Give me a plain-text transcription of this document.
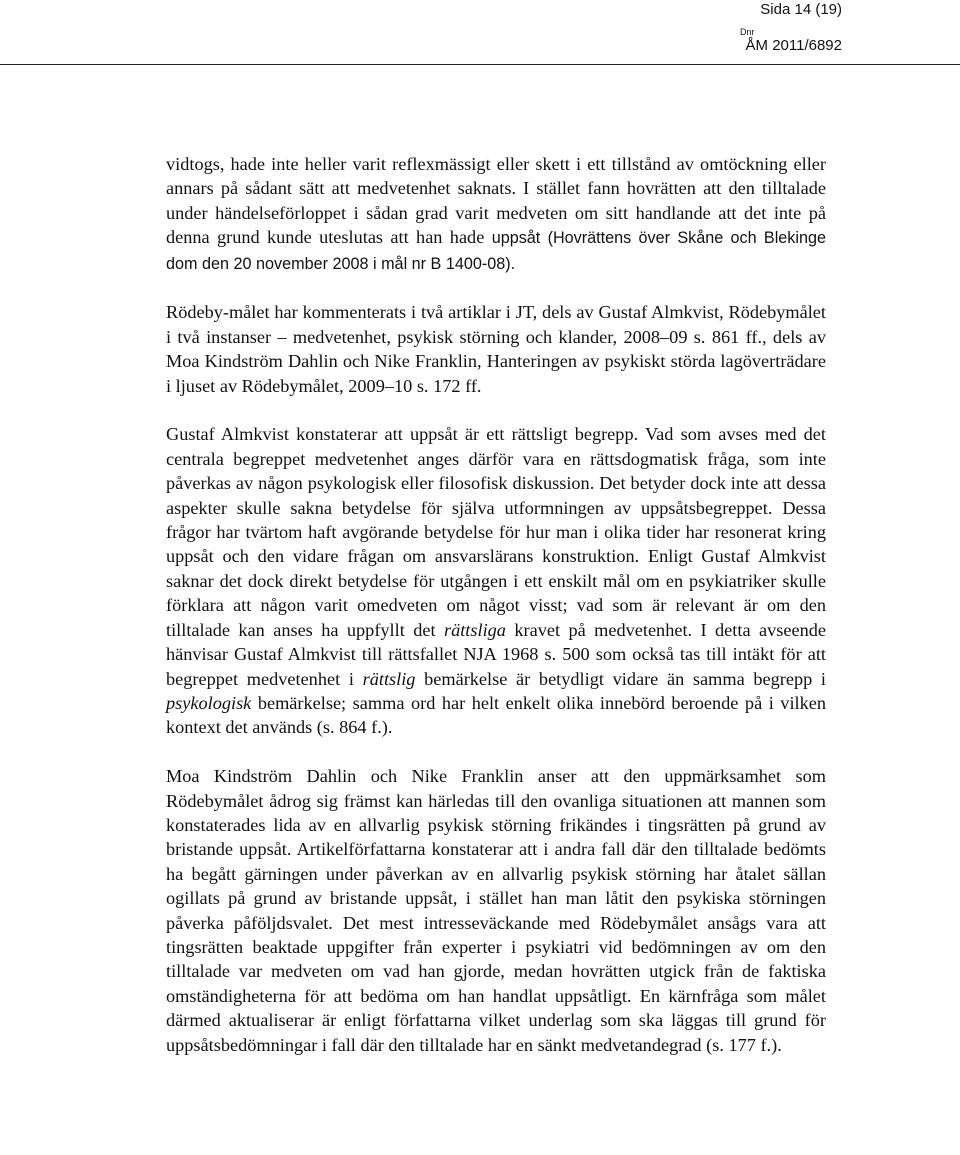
Sida 14 (19)
Dnr
ÅM 2011/6892

vidtogs, hade inte heller varit reflexmässigt eller skett i ett tillstånd av omtöckning eller annars på sådant sätt att medvetenhet saknats. I stället fann hovrätten att den tilltalade under händelseförloppet i sådan grad varit medveten om sitt handlande att det inte på denna grund kunde uteslutas att han hade uppsåt (Hovrättens över Skåne och Blekinge dom den 20 november 2008 i mål nr B 1400-08).

Rödeby-målet har kommenterats i två artiklar i JT, dels av Gustaf Almkvist, Rödebymålet i två instanser – medvetenhet, psykisk störning och klander, 2008–09 s. 861 ff., dels av Moa Kindström Dahlin och Nike Franklin, Hanteringen av psykiskt störda lagöverträdare i ljuset av Rödebymålet, 2009–10 s. 172 ff.

Gustaf Almkvist konstaterar att uppsåt är ett rättsligt begrepp. Vad som avses med det centrala begreppet medvetenhet anges därför vara en rättsdogmatisk fråga, som inte påverkas av någon psykologisk eller filosofisk diskussion. Det betyder dock inte att dessa aspekter skulle sakna betydelse för själva utformningen av uppsåtsbegreppet. Dessa frågor har tvärtom haft avgörande betydelse för hur man i olika tider har resonerat kring uppsåt och den vidare frågan om ansvarslärans konstruktion. Enligt Gustaf Almkvist saknar det dock direkt betydelse för utgången i ett enskilt mål om en psykiatriker skulle förklara att någon varit omedveten om något visst; vad som är relevant är om den tilltalade kan anses ha uppfyllt det rättsliga kravet på medvetenhet. I detta avseende hänvisar Gustaf Almkvist till rättsfallet NJA 1968 s. 500 som också tas till intäkt för att begreppet medvetenhet i rättslig bemärkelse är betydligt vidare än samma begrepp i psykologisk bemärkelse; samma ord har helt enkelt olika innebörd beroende på i vilken kontext det används (s. 864 f.).

Moa Kindström Dahlin och Nike Franklin anser att den uppmärksamhet som Rödebymålet ådrog sig främst kan härledas till den ovanliga situationen att mannen som konstaterades lida av en allvarlig psykisk störning frikändes i tingsrätten på grund av bristande uppsåt. Artikelförfattarna konstaterar att i andra fall där den tilltalade bedömts ha begått gärningen under påverkan av en allvarlig psykisk störning har åtalet sällan ogillats på grund av bristande uppsåt, i stället han man låtit den psykiska störningen påverka påföljdsvalet. Det mest intresseväckande med Rödebymålet ansågs vara att tingsrätten beaktade uppgifter från experter i psykiatri vid bedömningen av om den tilltalade var medveten om vad han gjorde, medan hovrätten utgick från de faktiska omständigheterna för att bedöma om han handlat uppsåtligt. En kärnfråga som målet därmed aktualiserar är enligt författarna vilket underlag som ska läggas till grund för uppsåtsbedömningar i fall där den tilltalade har en sänkt medvetandegrad (s. 177 f.).
